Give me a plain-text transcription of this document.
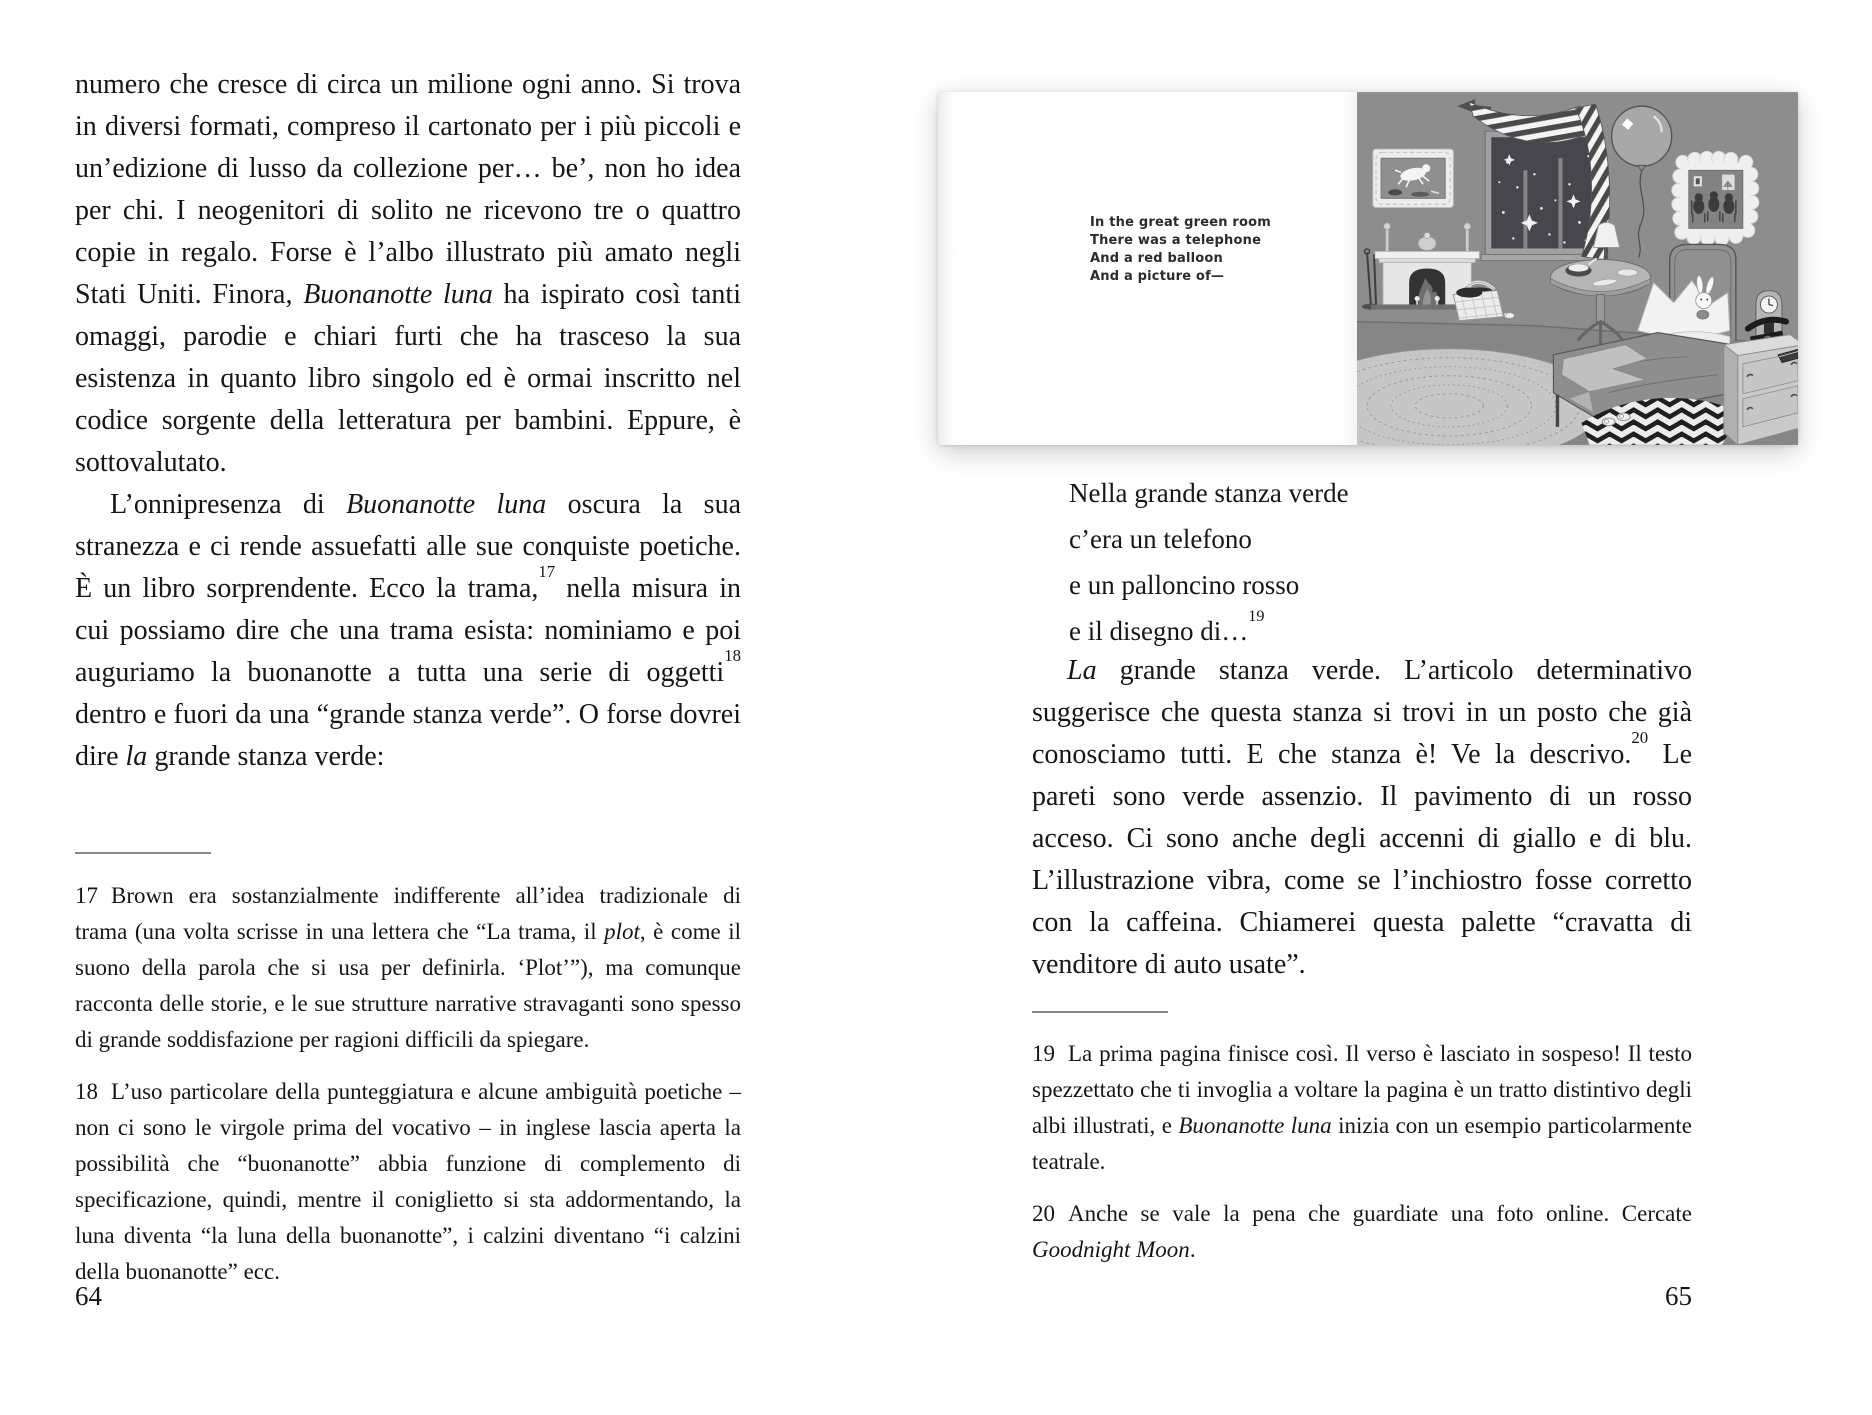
numero che cresce di circa un milione ogni anno. Si trova in diversi formati, compreso il cartonato per i più piccoli e un’edizione di lusso da collezione per… be’, non ho idea per chi. I neogenitori di solito ne ricevono tre o quattro copie in regalo. Forse è l’albo illustrato più amato negli Stati Uniti. Finora, Buonanotte luna ha ispirato così tanti omaggi, parodie e chiari furti che ha trasceso la sua esistenza in quanto libro singolo ed è ormai inscritto nel codice sorgente della letteratura per bambini. Eppure, è sottovalutato.

L’onnipresenza di Buonanotte luna oscura la sua stranezza e ci rende assuefatti alle sue conquiste poetiche. È un libro sorprendente. Ecco la trama,$^{17}$ nella misura in cui possiamo dire che una trama esista: nominiamo e poi auguriamo la buonanotte a tutta una serie di oggetti$^{18}$ dentro e fuori da una “grande stanza verde”. O forse dovrei dire la grande stanza verde:

17 Brown era sostanzialmente indifferente all’idea tradizionale di trama (una volta scrisse in una lettera che “La trama, il plot, è come il suono della parola che si usa per definirla. ‘Plot’”), ma comunque racconta delle storie, e le sue strutture narrative stravaganti sono spesso di grande soddisfazione per ragioni difficili da spiegare.

18 L’uso particolare della punteggiatura e alcune ambiguità poetiche – non ci sono le virgole prima del vocativo – in inglese lascia aperta la possibilità che “buonanotte” abbia funzione di complemento di specificazione, quindi, mentre il coniglietto si sta addormentando, la luna diventa “la luna della buonanotte”, i calzini diventano “i calzini della buonanotte” ecc.

64
In the great green room
There was a telephone
And a red balloon
And a picture of—
Nella grande stanza verde
c’era un telefono
e un palloncino rosso
e il disegno di…$^{19}$

La grande stanza verde. L’articolo determinativo suggerisce che questa stanza si trovi in un posto che già conosciamo tutti. E che stanza è! Ve la descrivo.$^{20}$ Le pareti sono verde assenzio. Il pavimento di un rosso acceso. Ci sono anche degli accenni di giallo e di blu. L’illustrazione vibra, come se l’inchiostro fosse corretto con la caffeina. Chiamerei questa palette “cravatta di venditore di auto usate”.

19 La prima pagina finisce così. Il verso è lasciato in sospeso! Il testo spezzettato che ti invoglia a voltare la pagina è un tratto distintivo degli albi illustrati, e Buonanotte luna inizia con un esempio particolarmente teatrale.

20 Anche se vale la pena che guardiate una foto online. Cercate Goodnight Moon.

65
